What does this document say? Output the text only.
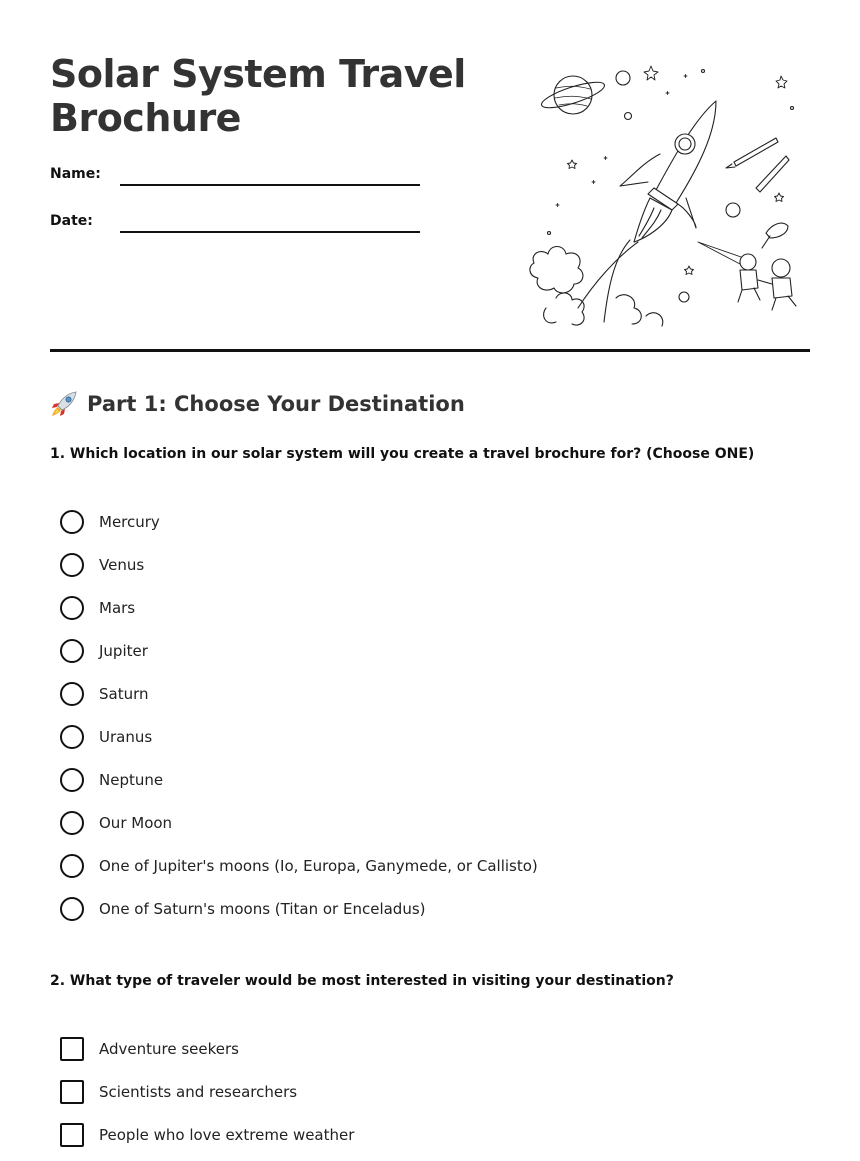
Solar System Travel Brochure
Name:
Date:
Part 1: Choose Your Destination

1. Which location in our solar system will you create a travel brochure for? (Choose ONE)

Mercury
Venus
Mars
Jupiter
Saturn
Uranus
Neptune
Our Moon
One of Jupiter's moons (Io, Europa, Ganymede, or Callisto)
One of Saturn's moons (Titan or Enceladus)

2. What type of traveler would be most interested in visiting your destination?

Adventure seekers
Scientists and researchers
People who love extreme weather
